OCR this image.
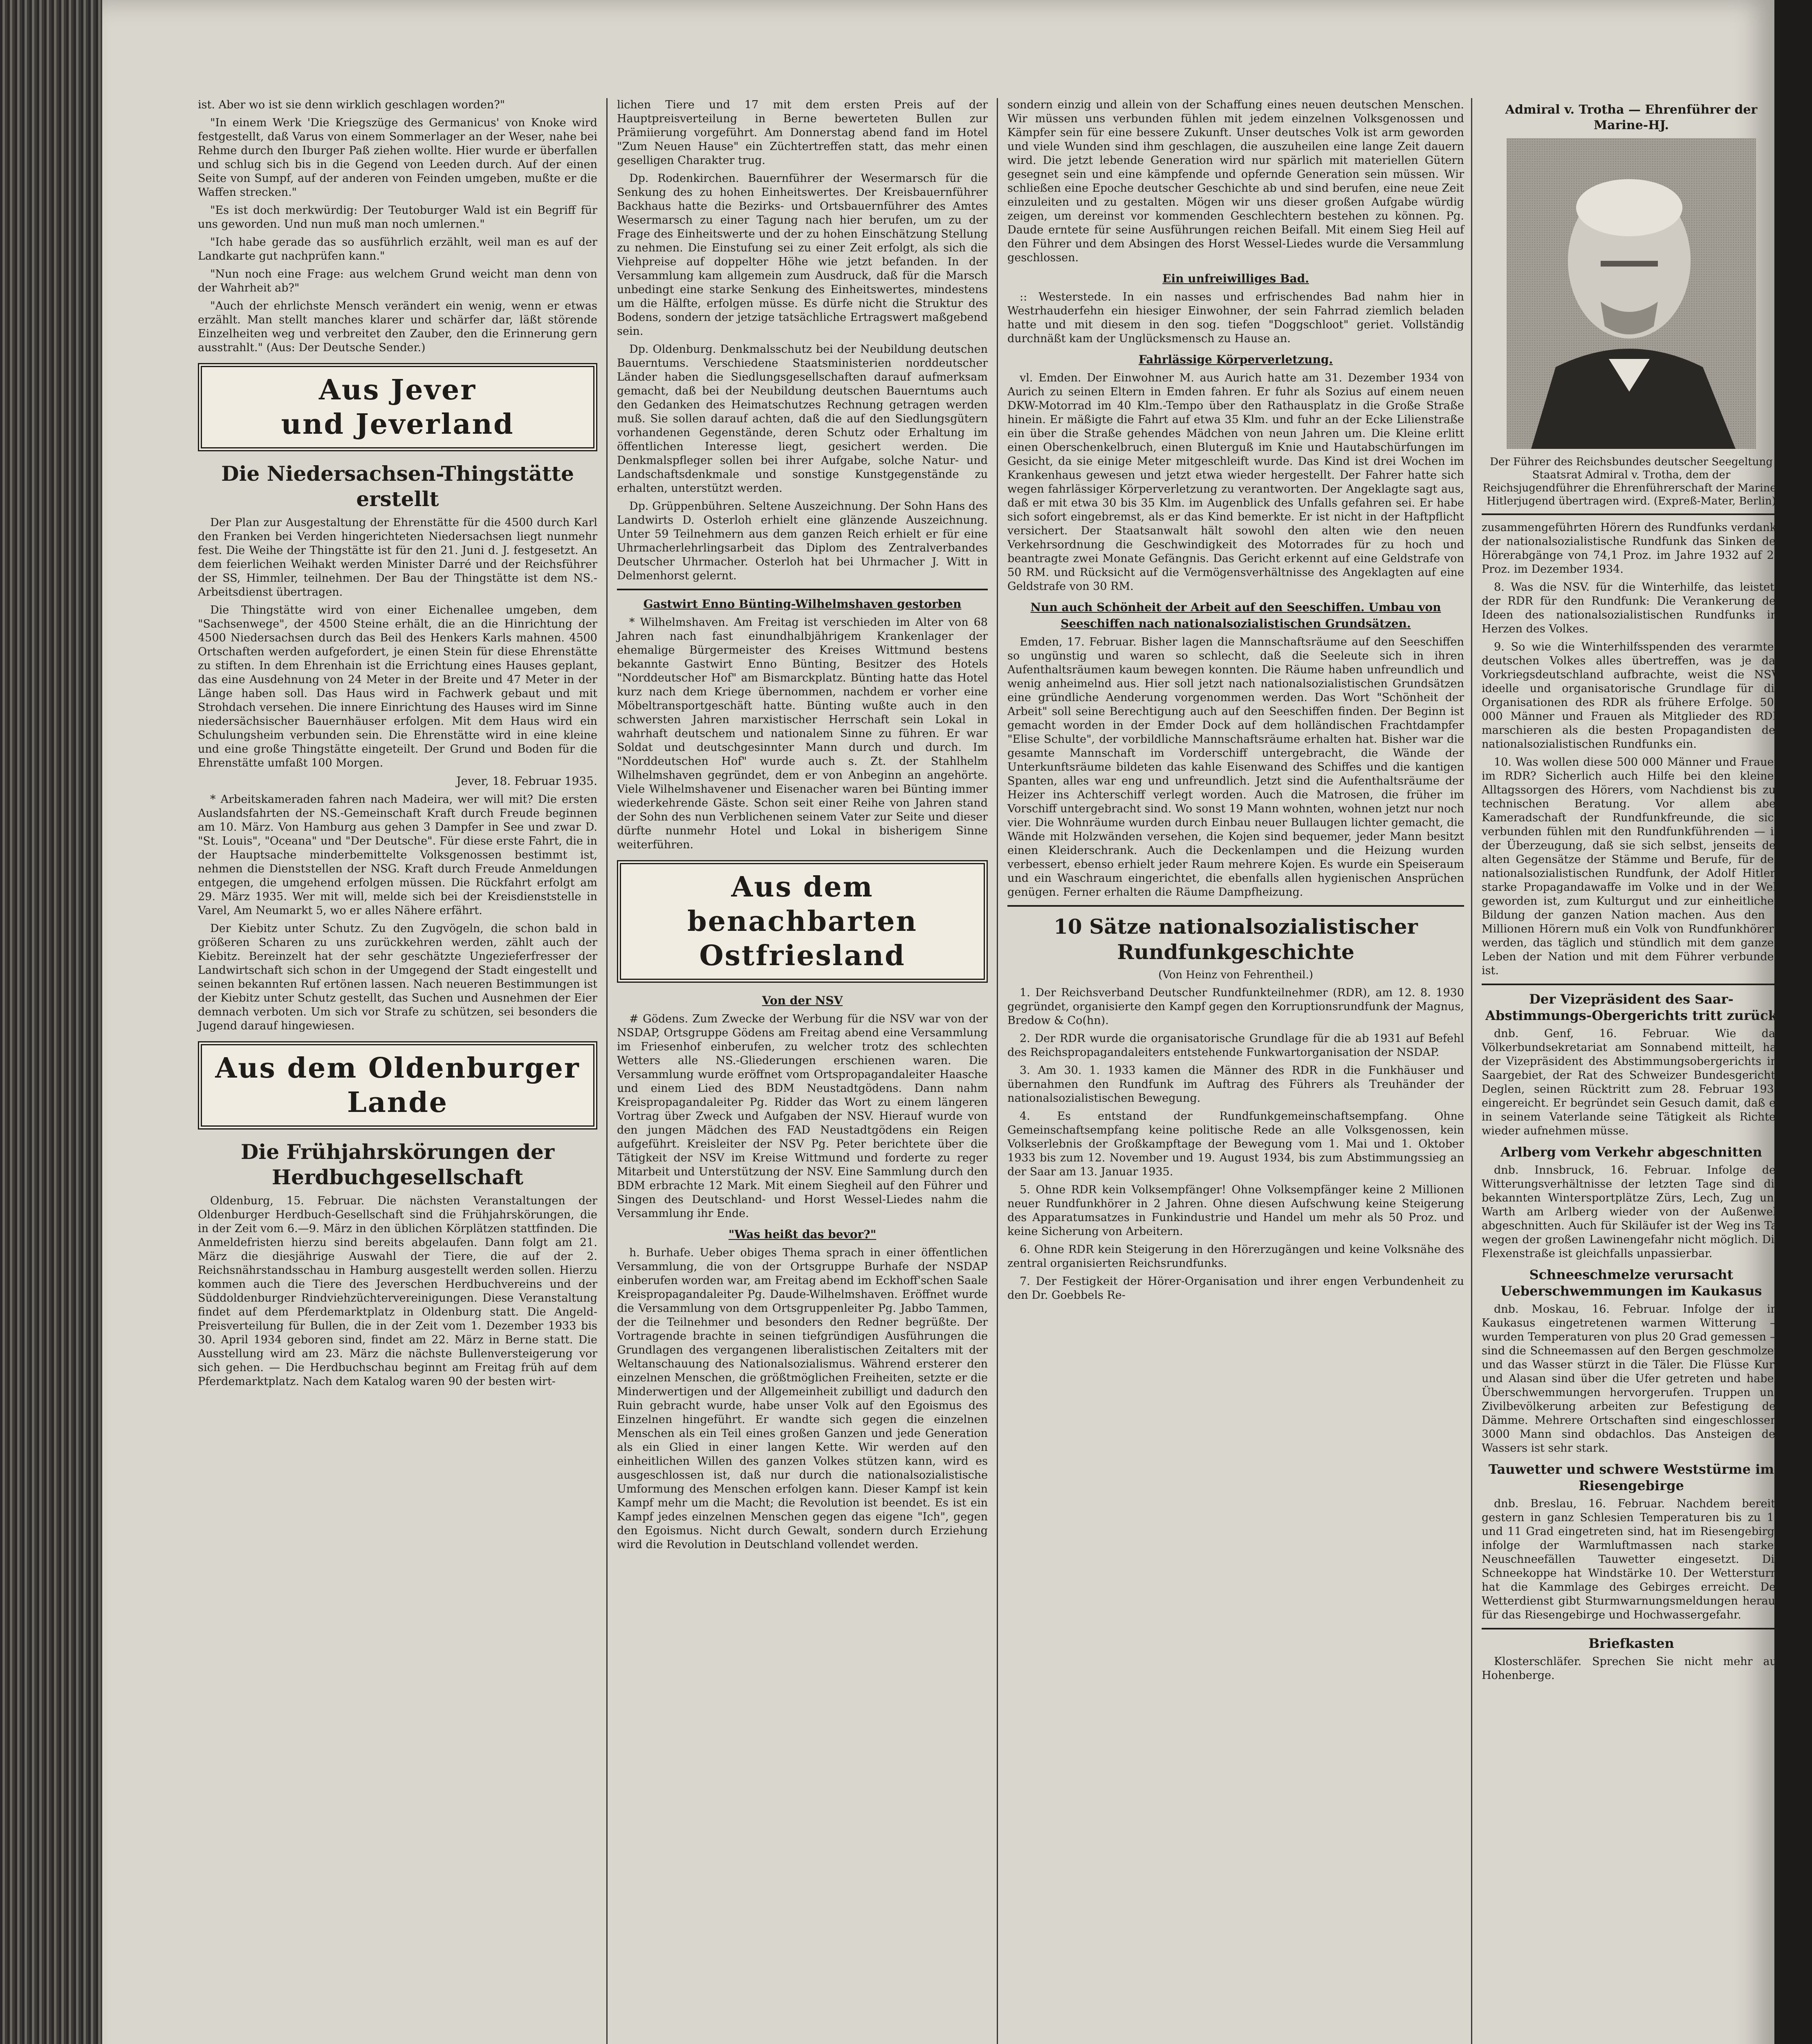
ist. Aber wo ist sie denn wirklich geschlagen worden?"

"In einem Werk 'Die Kriegszüge des Germanicus' von Knoke wird festgestellt, daß Varus von einem Sommerlager an der Weser, nahe bei Rehme durch den Iburger Paß ziehen wollte. Hier wurde er überfallen und schlug sich bis in die Gegend von Leeden durch. Auf der einen Seite von Sumpf, auf der anderen von Feinden umgeben, mußte er die Waffen strecken."

"Es ist doch merkwürdig: Der Teutoburger Wald ist ein Begriff für uns geworden. Und nun muß man noch umlernen."

"Ich habe gerade das so ausführlich erzählt, weil man es auf der Landkarte gut nachprüfen kann."

"Nun noch eine Frage: aus welchem Grund weicht man denn von der Wahrheit ab?"

"Auch der ehrlichste Mensch verändert ein wenig, wenn er etwas erzählt. Man stellt manches klarer und schärfer dar, läßt störende Einzelheiten weg und verbreitet den Zauber, den die Erinnerung gern ausstrahlt." (Aus: Der Deutsche Sender.)

Aus Jever
und Jeverland
Die Niedersachsen-Thingstätte erstellt

Der Plan zur Ausgestaltung der Ehrenstätte für die 4500 durch Karl den Franken bei Verden hingerichteten Niedersachsen liegt nunmehr fest. Die Weihe der Thingstätte ist für den 21. Juni d. J. festgesetzt. An dem feierlichen Weihakt werden Minister Darré und der Reichsführer der SS, Himmler, teilnehmen. Der Bau der Thingstätte ist dem NS.-Arbeitsdienst übertragen.

Die Thingstätte wird von einer Eichenallee umgeben, dem "Sachsenwege", der 4500 Steine erhält, die an die Hinrichtung der 4500 Niedersachsen durch das Beil des Henkers Karls mahnen. 4500 Ortschaften werden aufgefordert, je einen Stein für diese Ehrenstätte zu stiften. In dem Ehrenhain ist die Errichtung eines Hauses geplant, das eine Ausdehnung von 24 Meter in der Breite und 47 Meter in der Länge haben soll. Das Haus wird in Fachwerk gebaut und mit Strohdach versehen. Die innere Einrichtung des Hauses wird im Sinne niedersächsischer Bauernhäuser erfolgen. Mit dem Haus wird ein Schulungsheim verbunden sein. Die Ehrenstätte wird in eine kleine und eine große Thingstätte eingeteilt. Der Grund und Boden für die Ehrenstätte umfaßt 100 Morgen.

Jever, 18. Februar 1935.

* Arbeitskameraden fahren nach Madeira, wer will mit? Die ersten Auslandsfahrten der NS.-Gemeinschaft Kraft durch Freude beginnen am 10. März. Von Hamburg aus gehen 3 Dampfer in See und zwar D. "St. Louis", "Oceana" und "Der Deutsche". Für diese erste Fahrt, die in der Hauptsache minderbemittelte Volksgenossen bestimmt ist, nehmen die Dienststellen der NSG. Kraft durch Freude Anmeldungen entgegen, die umgehend erfolgen müssen. Die Rückfahrt erfolgt am 29. März 1935. Wer mit will, melde sich bei der Kreisdienststelle in Varel, Am Neumarkt 5, wo er alles Nähere erfährt.

Der Kiebitz unter Schutz. Zu den Zugvögeln, die schon bald in größeren Scharen zu uns zurückkehren werden, zählt auch der Kiebitz. Bereinzelt hat der sehr geschätzte Ungezieferfresser der Landwirtschaft sich schon in der Umgegend der Stadt eingestellt und seinen bekannten Ruf ertönen lassen. Nach neueren Bestimmungen ist der Kiebitz unter Schutz gestellt, das Suchen und Ausnehmen der Eier demnach verboten. Um sich vor Strafe zu schützen, sei besonders die Jugend darauf hingewiesen.

Aus dem Oldenburger
Lande
Die Frühjahrskörungen der Herdbuchgesellschaft

Oldenburg, 15. Februar. Die nächsten Veranstaltungen der Oldenburger Herdbuch-Gesellschaft sind die Frühjahrskörungen, die in der Zeit vom 6.—9. März in den üblichen Körplätzen stattfinden. Die Anmeldefristen hierzu sind bereits abgelaufen. Dann folgt am 21. März die diesjährige Auswahl der Tiere, die auf der 2. Reichsnährstandsschau in Hamburg ausgestellt werden sollen. Hierzu kommen auch die Tiere des Jeverschen Herdbuchvereins und der Süddoldenburger Rindviehzüchtervereinigungen. Diese Veranstaltung findet auf dem Pferdemarktplatz in Oldenburg statt. Die Angeld-Preisverteilung für Bullen, die in der Zeit vom 1. Dezember 1933 bis 30. April 1934 geboren sind, findet am 22. März in Berne statt. Die Ausstellung wird am 23. März die nächste Bullenversteigerung vor sich gehen. — Die Herdbuchschau beginnt am Freitag früh auf dem Pferdemarktplatz. Nach dem Katalog waren 90 der besten wirt-

lichen Tiere und 17 mit dem ersten Preis auf der Hauptpreisverteilung in Berne bewerteten Bullen zur Prämiierung vorgeführt. Am Donnerstag abend fand im Hotel "Zum Neuen Hause" ein Züchtertreffen statt, das mehr einen geselligen Charakter trug.

Dp. Rodenkirchen. Bauernführer der Wesermarsch für die Senkung des zu hohen Einheitswertes. Der Kreisbauernführer Backhaus hatte die Bezirks- und Ortsbauernführer des Amtes Wesermarsch zu einer Tagung nach hier berufen, um zu der Frage des Einheitswerte und der zu hohen Einschätzung Stellung zu nehmen. Die Einstufung sei zu einer Zeit erfolgt, als sich die Viehpreise auf doppelter Höhe wie jetzt befanden. In der Versammlung kam allgemein zum Ausdruck, daß für die Marsch unbedingt eine starke Senkung des Einheitswertes, mindestens um die Hälfte, erfolgen müsse. Es dürfe nicht die Struktur des Bodens, sondern der jetzige tatsächliche Ertragswert maßgebend sein.

Dp. Oldenburg. Denkmalsschutz bei der Neubildung deutschen Bauerntums. Verschiedene Staatsministerien norddeutscher Länder haben die Siedlungsgesellschaften darauf aufmerksam gemacht, daß bei der Neubildung deutschen Bauerntums auch den Gedanken des Heimatschutzes Rechnung getragen werden muß. Sie sollen darauf achten, daß die auf den Siedlungsgütern vorhandenen Gegenstände, deren Schutz oder Erhaltung im öffentlichen Interesse liegt, gesichert werden. Die Denkmalspfleger sollen bei ihrer Aufgabe, solche Natur- und Landschaftsdenkmale und sonstige Kunstgegenstände zu erhalten, unterstützt werden.

Dp. Grüppenbühren. Seltene Auszeichnung. Der Sohn Hans des Landwirts D. Osterloh erhielt eine glänzende Auszeichnung. Unter 59 Teilnehmern aus dem ganzen Reich erhielt er für eine Uhrmacherlehrlingsarbeit das Diplom des Zentralverbandes Deutscher Uhrmacher. Osterloh hat bei Uhrmacher J. Witt in Delmenhorst gelernt.

Gastwirt Enno Bünting-Wilhelmshaven gestorben

* Wilhelmshaven. Am Freitag ist verschieden im Alter von 68 Jahren nach fast einundhalbjährigem Krankenlager der ehemalige Bürgermeister des Kreises Wittmund bestens bekannte Gastwirt Enno Bünting, Besitzer des Hotels "Norddeutscher Hof" am Bismarckplatz. Bünting hatte das Hotel kurz nach dem Kriege übernommen, nachdem er vorher eine Möbeltransportgeschäft hatte. Bünting wußte auch in den schwersten Jahren marxistischer Herrschaft sein Lokal in wahrhaft deutschem und nationalem Sinne zu führen. Er war Soldat und deutschgesinnter Mann durch und durch. Im "Norddeutschen Hof" wurde auch s. Zt. der Stahlhelm Wilhelmshaven gegründet, dem er von Anbeginn an angehörte. Viele Wilhelmshavener und Eisenacher waren bei Bünting immer wiederkehrende Gäste. Schon seit einer Reihe von Jahren stand der Sohn des nun Verblichenen seinem Vater zur Seite und dieser dürfte nunmehr Hotel und Lokal in bisherigem Sinne weiterführen.

Aus dem benachbarten
Ostfriesland
Von der NSV

# Gödens. Zum Zwecke der Werbung für die NSV war von der NSDAP, Ortsgruppe Gödens am Freitag abend eine Versammlung im Friesenhof einberufen, zu welcher trotz des schlechten Wetters alle NS.-Gliederungen erschienen waren. Die Versammlung wurde eröffnet vom Ortspropagandaleiter Haasche und einem Lied des BDM Neustadtgödens. Dann nahm Kreispropagandaleiter Pg. Ridder das Wort zu einem längeren Vortrag über Zweck und Aufgaben der NSV. Hierauf wurde von den jungen Mädchen des FAD Neustadtgödens ein Reigen aufgeführt. Kreisleiter der NSV Pg. Peter berichtete über die Tätigkeit der NSV im Kreise Wittmund und forderte zu reger Mitarbeit und Unterstützung der NSV. Eine Sammlung durch den BDM erbrachte 12 Mark. Mit einem Siegheil auf den Führer und Singen des Deutschland- und Horst Wessel-Liedes nahm die Versammlung ihr Ende.

"Was heißt das bevor?"

h. Burhafe. Ueber obiges Thema sprach in einer öffentlichen Versammlung, die von der Ortsgruppe Burhafe der NSDAP einberufen worden war, am Freitag abend im Eckhoff'schen Saale Kreispropagandaleiter Pg. Daude-Wilhelmshaven. Eröffnet wurde die Versammlung von dem Ortsgruppenleiter Pg. Jabbo Tammen, der die Teilnehmer und besonders den Redner begrüßte. Der Vortragende brachte in seinen tiefgründigen Ausführungen die Grundlagen des vergangenen liberalistischen Zeitalters mit der Weltanschauung des Nationalsozialismus. Während ersterer den einzelnen Menschen, die größtmöglichen Freiheiten, setzte er die Minderwertigen und der Allgemeinheit zubilligt und dadurch den Ruin gebracht wurde, habe unser Volk auf den Egoismus des Einzelnen hingeführt. Er wandte sich gegen die einzelnen Menschen als ein Teil eines großen Ganzen und jede Generation als ein Glied in einer langen Kette. Wir werden auf den einheitlichen Willen des ganzen Volkes stützen kann, wird es ausgeschlossen ist, daß nur durch die nationalsozialistische Umformung des Menschen erfolgen kann. Dieser Kampf ist kein Kampf mehr um die Macht; die Revolution ist beendet. Es ist ein Kampf jedes einzelnen Menschen gegen das eigene "Ich", gegen den Egoismus. Nicht durch Gewalt, sondern durch Erziehung wird die Revolution in Deutschland vollendet werden.

sondern einzig und allein von der Schaffung eines neuen deutschen Menschen. Wir müssen uns verbunden fühlen mit jedem einzelnen Volksgenossen und Kämpfer sein für eine bessere Zukunft. Unser deutsches Volk ist arm geworden und viele Wunden sind ihm geschlagen, die auszuheilen eine lange Zeit dauern wird. Die jetzt lebende Generation wird nur spärlich mit materiellen Gütern gesegnet sein und eine kämpfende und opfernde Generation sein müssen. Wir schließen eine Epoche deutscher Geschichte ab und sind berufen, eine neue Zeit einzuleiten und zu gestalten. Mögen wir uns dieser großen Aufgabe würdig zeigen, um dereinst vor kommenden Geschlechtern bestehen zu können. Pg. Daude erntete für seine Ausführungen reichen Beifall. Mit einem Sieg Heil auf den Führer und dem Absingen des Horst Wessel-Liedes wurde die Versammlung geschlossen.

Ein unfreiwilliges Bad.

:: Westerstede. In ein nasses und erfrischendes Bad nahm hier in Westrhauderfehn ein hiesiger Einwohner, der sein Fahrrad ziemlich beladen hatte und mit diesem in den sog. tiefen "Doggschloot" geriet. Vollständig durchnäßt kam der Unglücksmensch zu Hause an.

Fahrlässige Körperverletzung.

vl. Emden. Der Einwohner M. aus Aurich hatte am 31. Dezember 1934 von Aurich zu seinen Eltern in Emden fahren. Er fuhr als Sozius auf einem neuen DKW-Motorrad im 40 Klm.-Tempo über den Rathausplatz in die Große Straße hinein. Er mäßigte die Fahrt auf etwa 35 Klm. und fuhr an der Ecke Lilienstraße ein über die Straße gehendes Mädchen von neun Jahren um. Die Kleine erlitt einen Oberschenkelbruch, einen Bluterguß im Knie und Hautabschürfungen im Gesicht, da sie einige Meter mitgeschleift wurde. Das Kind ist drei Wochen im Krankenhaus gewesen und jetzt etwa wieder hergestellt. Der Fahrer hatte sich wegen fahrlässiger Körperverletzung zu verantworten. Der Angeklagte sagt aus, daß er mit etwa 30 bis 35 Klm. im Augenblick des Unfalls gefahren sei. Er habe sich sofort eingebremst, als er das Kind bemerkte. Er ist nicht in der Haftpflicht versichert. Der Staatsanwalt hält sowohl den alten wie den neuen Verkehrsordnung die Geschwindigkeit des Motorrades für zu hoch und beantragte zwei Monate Gefängnis. Das Gericht erkennt auf eine Geldstrafe von 50 RM. und Rücksicht auf die Vermögensverhältnisse des Angeklagten auf eine Geldstrafe von 30 RM.

Nun auch Schönheit der Arbeit auf den Seeschiffen. Umbau von Seeschiffen nach nationalsozialistischen Grundsätzen.

Emden, 17. Februar. Bisher lagen die Mannschaftsräume auf den Seeschiffen so ungünstig und waren so schlecht, daß die Seeleute sich in ihren Aufenthaltsräumen kaum bewegen konnten. Die Räume haben unfreundlich und wenig anheimelnd aus. Hier soll jetzt nach nationalsozialistischen Grundsätzen eine gründliche Aenderung vorgenommen werden. Das Wort "Schönheit der Arbeit" soll seine Berechtigung auch auf den Seeschiffen finden. Der Beginn ist gemacht worden in der Emder Dock auf dem holländischen Frachtdampfer "Elise Schulte", der vorbildliche Mannschaftsräume erhalten hat. Bisher war die gesamte Mannschaft im Vorderschiff untergebracht, die Wände der Unterkunftsräume bildeten das kahle Eisenwand des Schiffes und die kantigen Spanten, alles war eng und unfreundlich. Jetzt sind die Aufenthaltsräume der Heizer ins Achterschiff verlegt worden. Auch die Matrosen, die früher im Vorschiff untergebracht sind. Wo sonst 19 Mann wohnten, wohnen jetzt nur noch vier. Die Wohnräume wurden durch Einbau neuer Bullaugen lichter gemacht, die Wände mit Holzwänden versehen, die Kojen sind bequemer, jeder Mann besitzt einen Kleiderschrank. Auch die Deckenlampen und die Heizung wurden verbessert, ebenso erhielt jeder Raum mehrere Kojen. Es wurde ein Speiseraum und ein Waschraum eingerichtet, die ebenfalls allen hygienischen Ansprüchen genügen. Ferner erhalten die Räume Dampfheizung.

10 Sätze nationalsozialistischer Rundfunkgeschichte
(Von Heinz von Fehrentheil.)
1. Der Reichsverband Deutscher Rundfunkteilnehmer (RDR), am 12. 8. 1930 gegründet, organisierte den Kampf gegen den Korruptionsrundfunk der Magnus, Bredow & Co(hn).
2. Der RDR wurde die organisatorische Grundlage für die ab 1931 auf Befehl des Reichspropagandaleiters entstehende Funkwartorganisation der NSDAP.
3. Am 30. 1. 1933 kamen die Männer des RDR in die Funkhäuser und übernahmen den Rundfunk im Auftrag des Führers als Treuhänder der nationalsozialistischen Bewegung.
4. Es entstand der Rundfunkgemeinschaftsempfang. Ohne Gemeinschaftsempfang keine politische Rede an alle Volksgenossen, kein Volkserlebnis der Großkampftage der Bewegung vom 1. Mai und 1. Oktober 1933 bis zum 12. November und 19. August 1934, bis zum Abstimmungssieg an der Saar am 13. Januar 1935.
5. Ohne RDR kein Volksempfänger! Ohne Volksempfänger keine 2 Millionen neuer Rundfunkhörer in 2 Jahren. Ohne diesen Aufschwung keine Steigerung des Apparatumsatzes in Funkindustrie und Handel um mehr als 50 Proz. und keine Sicherung von Arbeitern.
6. Ohne RDR kein Steigerung in den Hörerzugängen und keine Volksnähe des zentral organisierten Reichsrundfunks.
7. Der Festigkeit der Hörer-Organisation und ihrer engen Verbundenheit zu den Dr. Goebbels Re-
Admiral v. Trotha — Ehrenführer der Marine-HJ.
Der Führer des Reichsbundes deutscher Seegeltung Staatsrat Admiral v. Trotha, dem der Reichsjugendführer die Ehrenführerschaft der Marine-Hitlerjugend übertragen wird. (Expreß-Mater, Berlin)

zusammengeführten Hörern des Rundfunks verdankt der nationalsozialistische Rundfunk das Sinken der Hörerabgänge von 74,1 Proz. im Jahre 1932 auf 28 Proz. im Dezember 1934.

8. Was die NSV. für die Winterhilfe, das leistete der RDR für den Rundfunk: Die Verankerung der Ideen des nationalsozialistischen Rundfunks im Herzen des Volkes.

9. So wie die Winterhilfsspenden des verarmten deutschen Volkes alles übertreffen, was je das Vorkriegsdeutschland aufbrachte, weist die NSV. ideelle und organisatorische Grundlage für die Organisationen des RDR als frühere Erfolge. 500 000 Männer und Frauen als Mitglieder des RDR marschieren als die besten Propagandisten des nationalsozialistischen Rundfunks ein.

10. Was wollen diese 500 000 Männer und Frauen im RDR? Sicherlich auch Hilfe bei den kleinen Alltagssorgen des Hörers, vom Nachdienst bis zur technischen Beratung. Vor allem aber Kameradschaft der Rundfunkfreunde, die sich verbunden fühlen mit den Rundfunkführenden — in der Überzeugung, daß sie sich selbst, jenseits der alten Gegensätze der Stämme und Berufe, für den nationalsozialistischen Rundfunk, der Adolf Hitlers starke Propagandawaffe im Volke und in der Welt geworden ist, zum Kulturgut und zur einheitlichen Bildung der ganzen Nation machen. Aus den 6 Millionen Hörern muß ein Volk von Rundfunkhörern werden, das täglich und stündlich mit dem ganzen Leben der Nation und mit dem Führer verbunden ist.

Der Vizepräsident des Saar-Abstimmungs-Obergerichts tritt zurück

dnb. Genf, 16. Februar. Wie das Völkerbundsekretariat am Sonnabend mitteilt, hat der Vizepräsident des Abstimmungsobergerichts im Saargebiet, der Rat des Schweizer Bundesgerichts Deglen, seinen Rücktritt zum 28. Februar 1935 eingereicht. Er begründet sein Gesuch damit, daß er in seinem Vaterlande seine Tätigkeit als Richter wieder aufnehmen müsse.

Arlberg vom Verkehr abgeschnitten

dnb. Innsbruck, 16. Februar. Infolge der Witterungsverhältnisse der letzten Tage sind die bekannten Wintersportplätze Zürs, Lech, Zug und Warth am Arlberg wieder von der Außenwelt abgeschnitten. Auch für Skiläufer ist der Weg ins Tal wegen der großen Lawinengefahr nicht möglich. Die Flexenstraße ist gleichfalls unpassierbar.

Schneeschmelze verursacht Ueberschwemmungen im Kaukasus

dnb. Moskau, 16. Februar. Infolge der im Kaukasus eingetretenen warmen Witterung — wurden Temperaturen von plus 20 Grad gemessen — sind die Schneemassen auf den Bergen geschmolzen und das Wasser stürzt in die Täler. Die Flüsse Kura und Alasan sind über die Ufer getreten und haben Überschwemmungen hervorgerufen. Truppen und Zivilbevölkerung arbeiten zur Befestigung der Dämme. Mehrere Ortschaften sind eingeschlossen. 3000 Mann sind obdachlos. Das Ansteigen des Wassers ist sehr stark.

Tauwetter und schwere Weststürme im Riesengebirge

dnb. Breslau, 16. Februar. Nachdem bereits gestern in ganz Schlesien Temperaturen bis zu 10 und 11 Grad eingetreten sind, hat im Riesengebirge infolge der Warmluftmassen nach starken Neuschneefällen Tauwetter eingesetzt. Die Schneekoppe hat Windstärke 10. Der Wettersturm hat die Kammlage des Gebirges erreicht. Der Wetterdienst gibt Sturmwarnungsmeldungen heraus für das Riesengebirge und Hochwassergefahr.

Briefkasten

Klosterschläfer. Sprechen Sie nicht mehr auf Hohenberge.
